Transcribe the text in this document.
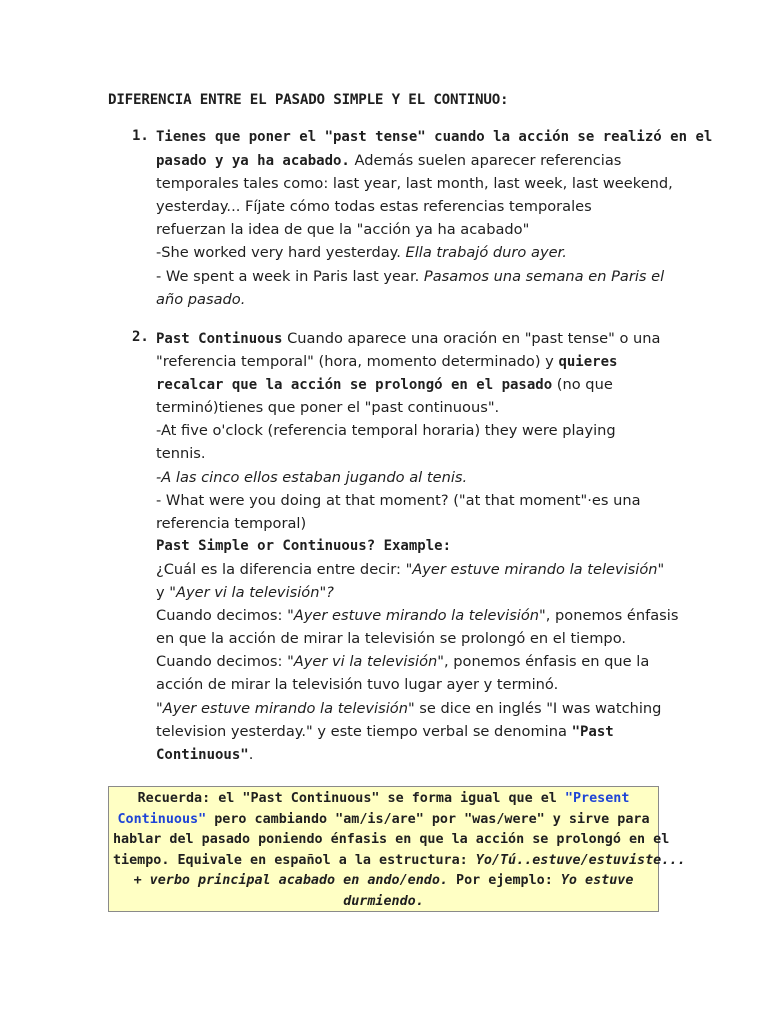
DIFERENCIA ENTRE EL PASADO SIMPLE Y EL CONTINUO:
1. Tienes que poner el "past tense" cuando la acción se realizó en el
pasado y ya ha acabado. Además suelen aparecer referencias
temporales tales como: last year, last month, last week, last weekend,
yesterday... Fíjate cómo todas estas referencias temporales
refuerzan la idea de que la "acción ya ha acabado"
-She worked very hard yesterday. Ella trabajó duro ayer.
- We spent a week in Paris last year. Pasamos una semana en Paris el
año pasado.
2. Past Continuous Cuando aparece una oración en "past tense" o una
"referencia temporal" (hora, momento determinado) y quieres
recalcar que la acción se prolongó en el pasado (no que
terminó)tienes que poner el "past continuous".
-At five o'clock (referencia temporal horaria) they were playing
tennis.
-A las cinco ellos estaban jugando al tenis.
- What were you doing at that moment? ("at that moment"·es una
referencia temporal)
Past Simple or Continuous? Example:
¿Cuál es la diferencia entre decir: "Ayer estuve mirando la televisión"
y "Ayer vi la televisión"?
Cuando decimos: "Ayer estuve mirando la televisión", ponemos énfasis
en que la acción de mirar la televisión se prolongó en el tiempo.
Cuando decimos: "Ayer vi la televisión", ponemos énfasis en que la
acción de mirar la televisión tuvo lugar ayer y terminó.
"Ayer estuve mirando la televisión" se dice en inglés "I was watching
television yesterday." y este tiempo verbal se denomina "Past
Continuous".
Recuerda: el "Past Continuous" se forma igual que el "Present
Continuous" pero cambiando "am/is/are" por "was/were" y sirve para
hablar del pasado poniendo énfasis en que la acción se prolongó en el
tiempo. Equivale en español a la estructura: Yo/Tú..estuve/estuviste...
+ verbo principal acabado en ando/endo. Por ejemplo: Yo estuve
durmiendo.
